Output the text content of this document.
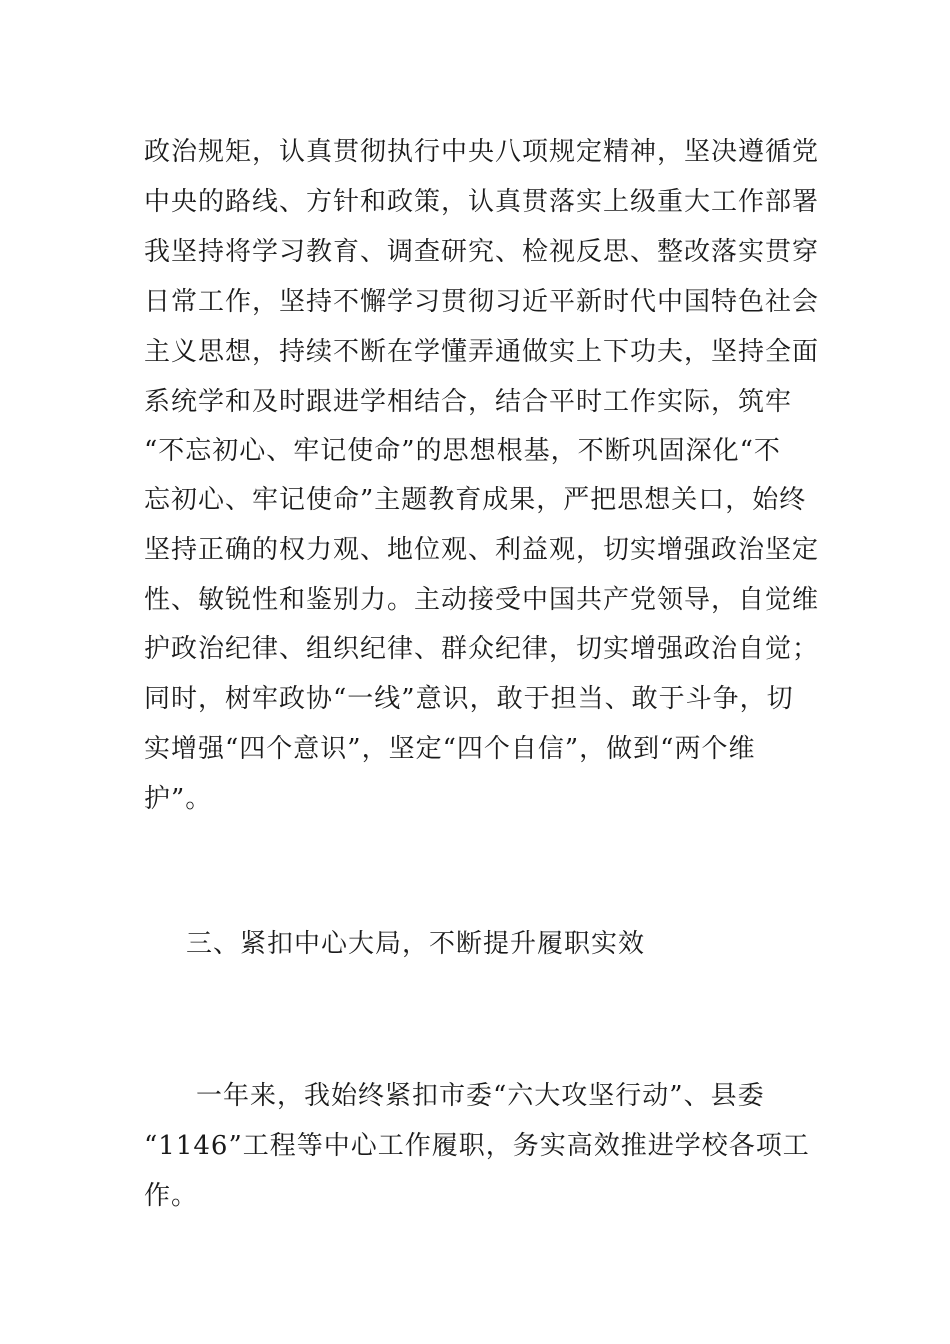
政治规矩，认真贯彻执行中央八项规定精神，坚决遵循党
中央的路线、方针和政策，认真贯落实上级重大工作部署
我坚持将学习教育、调查研究、检视反思、整改落实贯穿
日常工作，坚持不懈学习贯彻习近平新时代中国特色社会
主义思想，持续不断在学懂弄通做实上下功夫，坚持全面
系统学和及时跟进学相结合，结合平时工作实际，筑牢
“不忘初心、牢记使命”的思想根基，不断巩固深化“不
忘初心、牢记使命”主题教育成果，严把思想关口，始终
坚持正确的权力观、地位观、利益观，切实增强政治坚定
性、敏锐性和鉴别力。主动接受中国共产党领导，自觉维
护政治纪律、组织纪律、群众纪律，切实增强政治自觉；
同时，树牢政协“一线”意识，敢于担当、敢于斗争，切
实增强“四个意识”，坚定“四个自信”，做到“两个维
护”。
三、紧扣中心大局，不断提升履职实效
一年来，我始终紧扣市委“六大攻坚行动”、县委
“1146”工程等中心工作履职，务实高效推进学校各项工
作。
